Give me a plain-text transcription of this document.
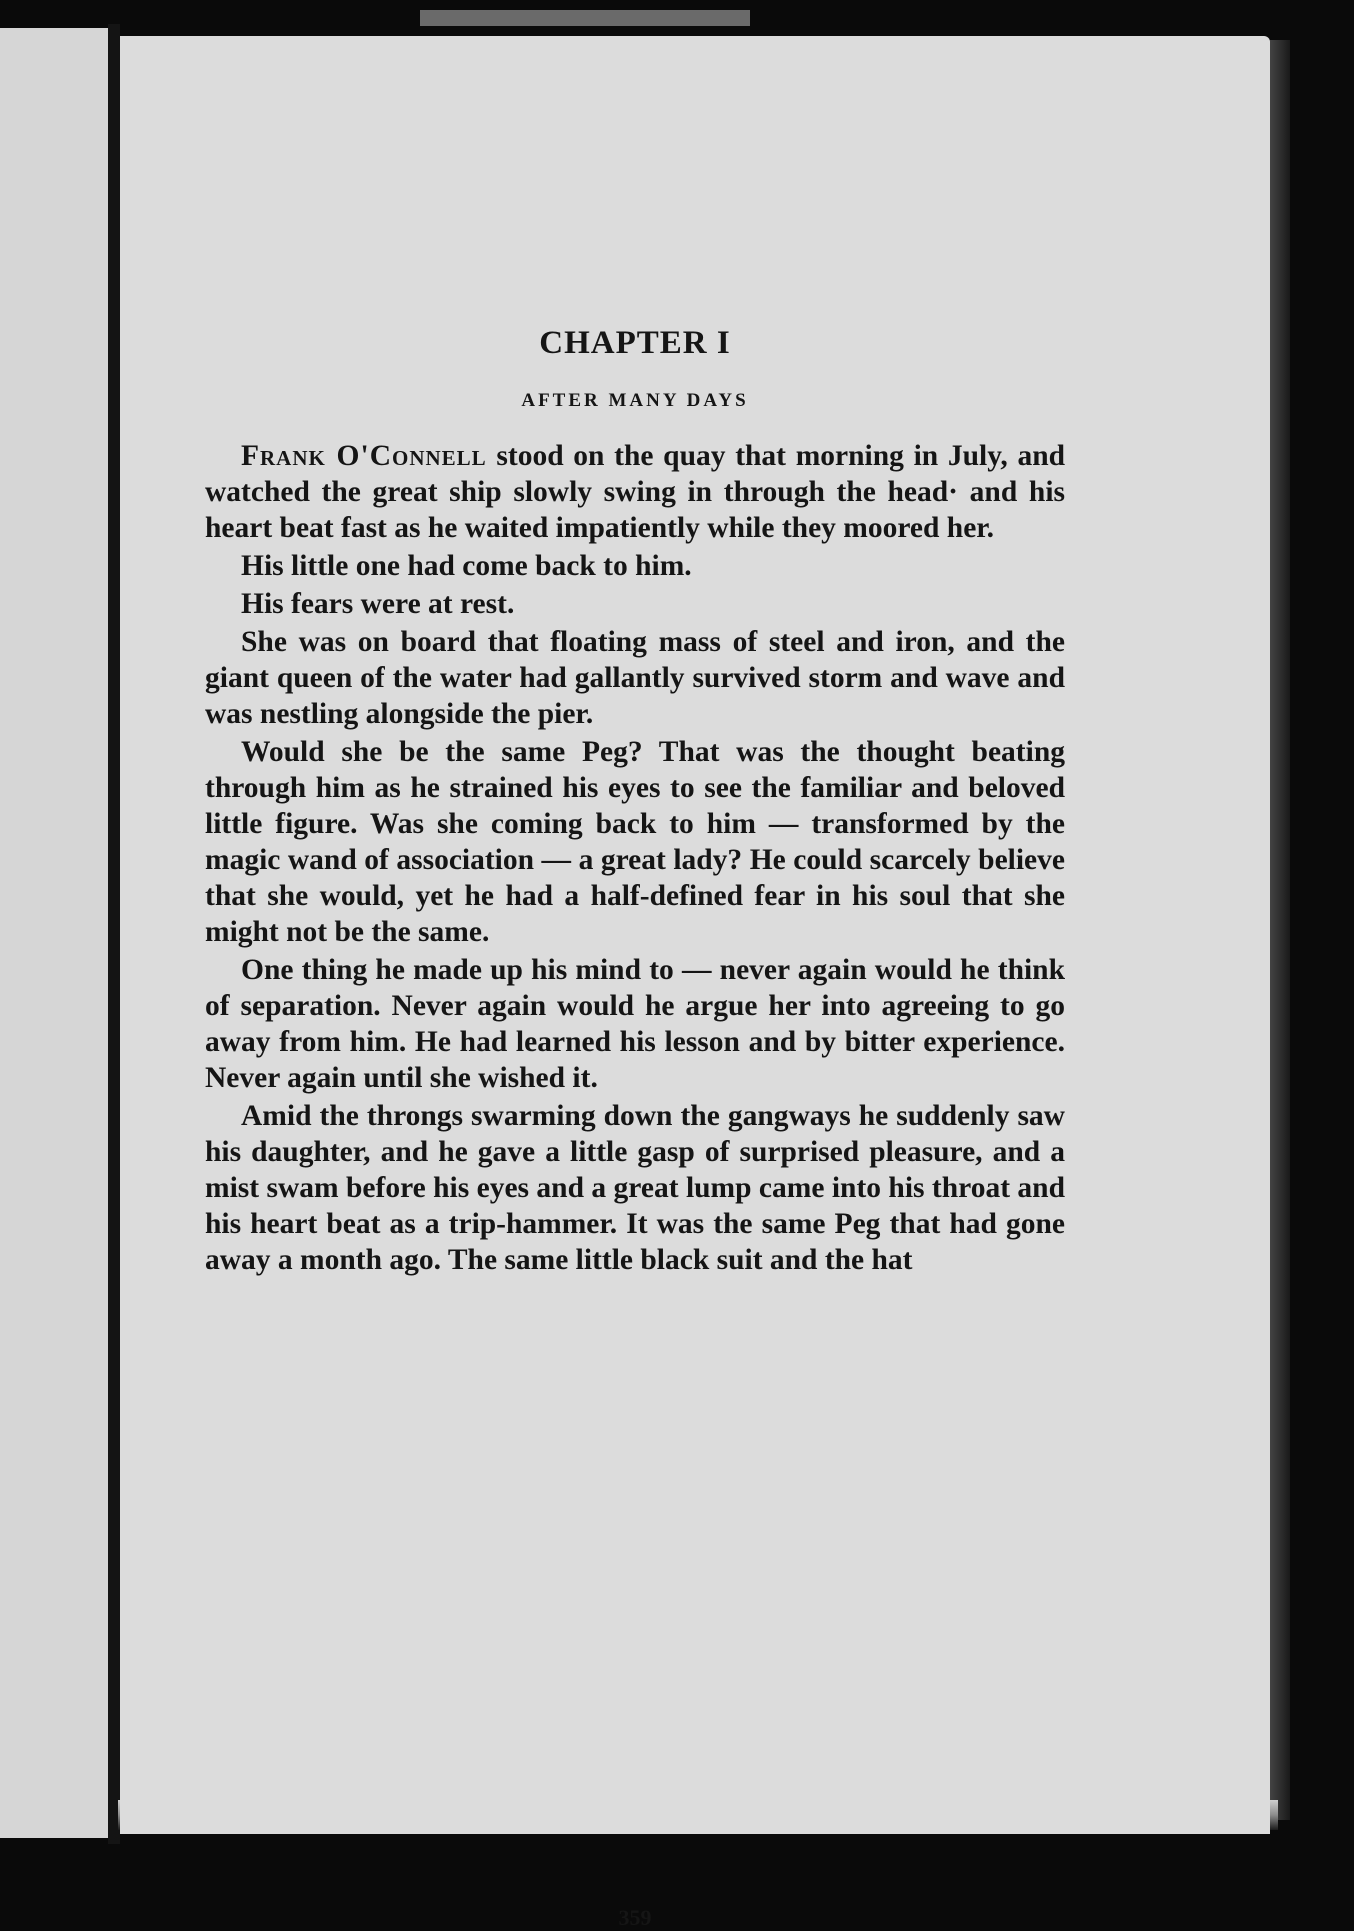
CHAPTER I
AFTER MANY DAYS

Frank O'Connell stood on the quay that morning in July, and watched the great ship slowly swing in through the head· and his heart beat fast as he waited impatiently while they moored her.

His little one had come back to him.

His fears were at rest.

She was on board that floating mass of steel and iron, and the giant queen of the water had gallantly survived storm and wave and was nestling alongside the pier.

Would she be the same Peg? That was the thought beating through him as he strained his eyes to see the familiar and beloved little figure. Was she coming back to him — transformed by the magic wand of association — a great lady? He could scarcely believe that she would, yet he had a half-defined fear in his soul that she might not be the same.

One thing he made up his mind to — never again would he think of separation. Never again would he argue her into agreeing to go away from him. He had learned his lesson and by bitter experience. Never again until she wished it.

Amid the throngs swarming down the gangways he suddenly saw his daughter, and he gave a little gasp of surprised pleasure, and a mist swam before his eyes and a great lump came into his throat and his heart beat as a trip-hammer. It was the same Peg that had gone away a month ago. The same little black suit and the hat

359
